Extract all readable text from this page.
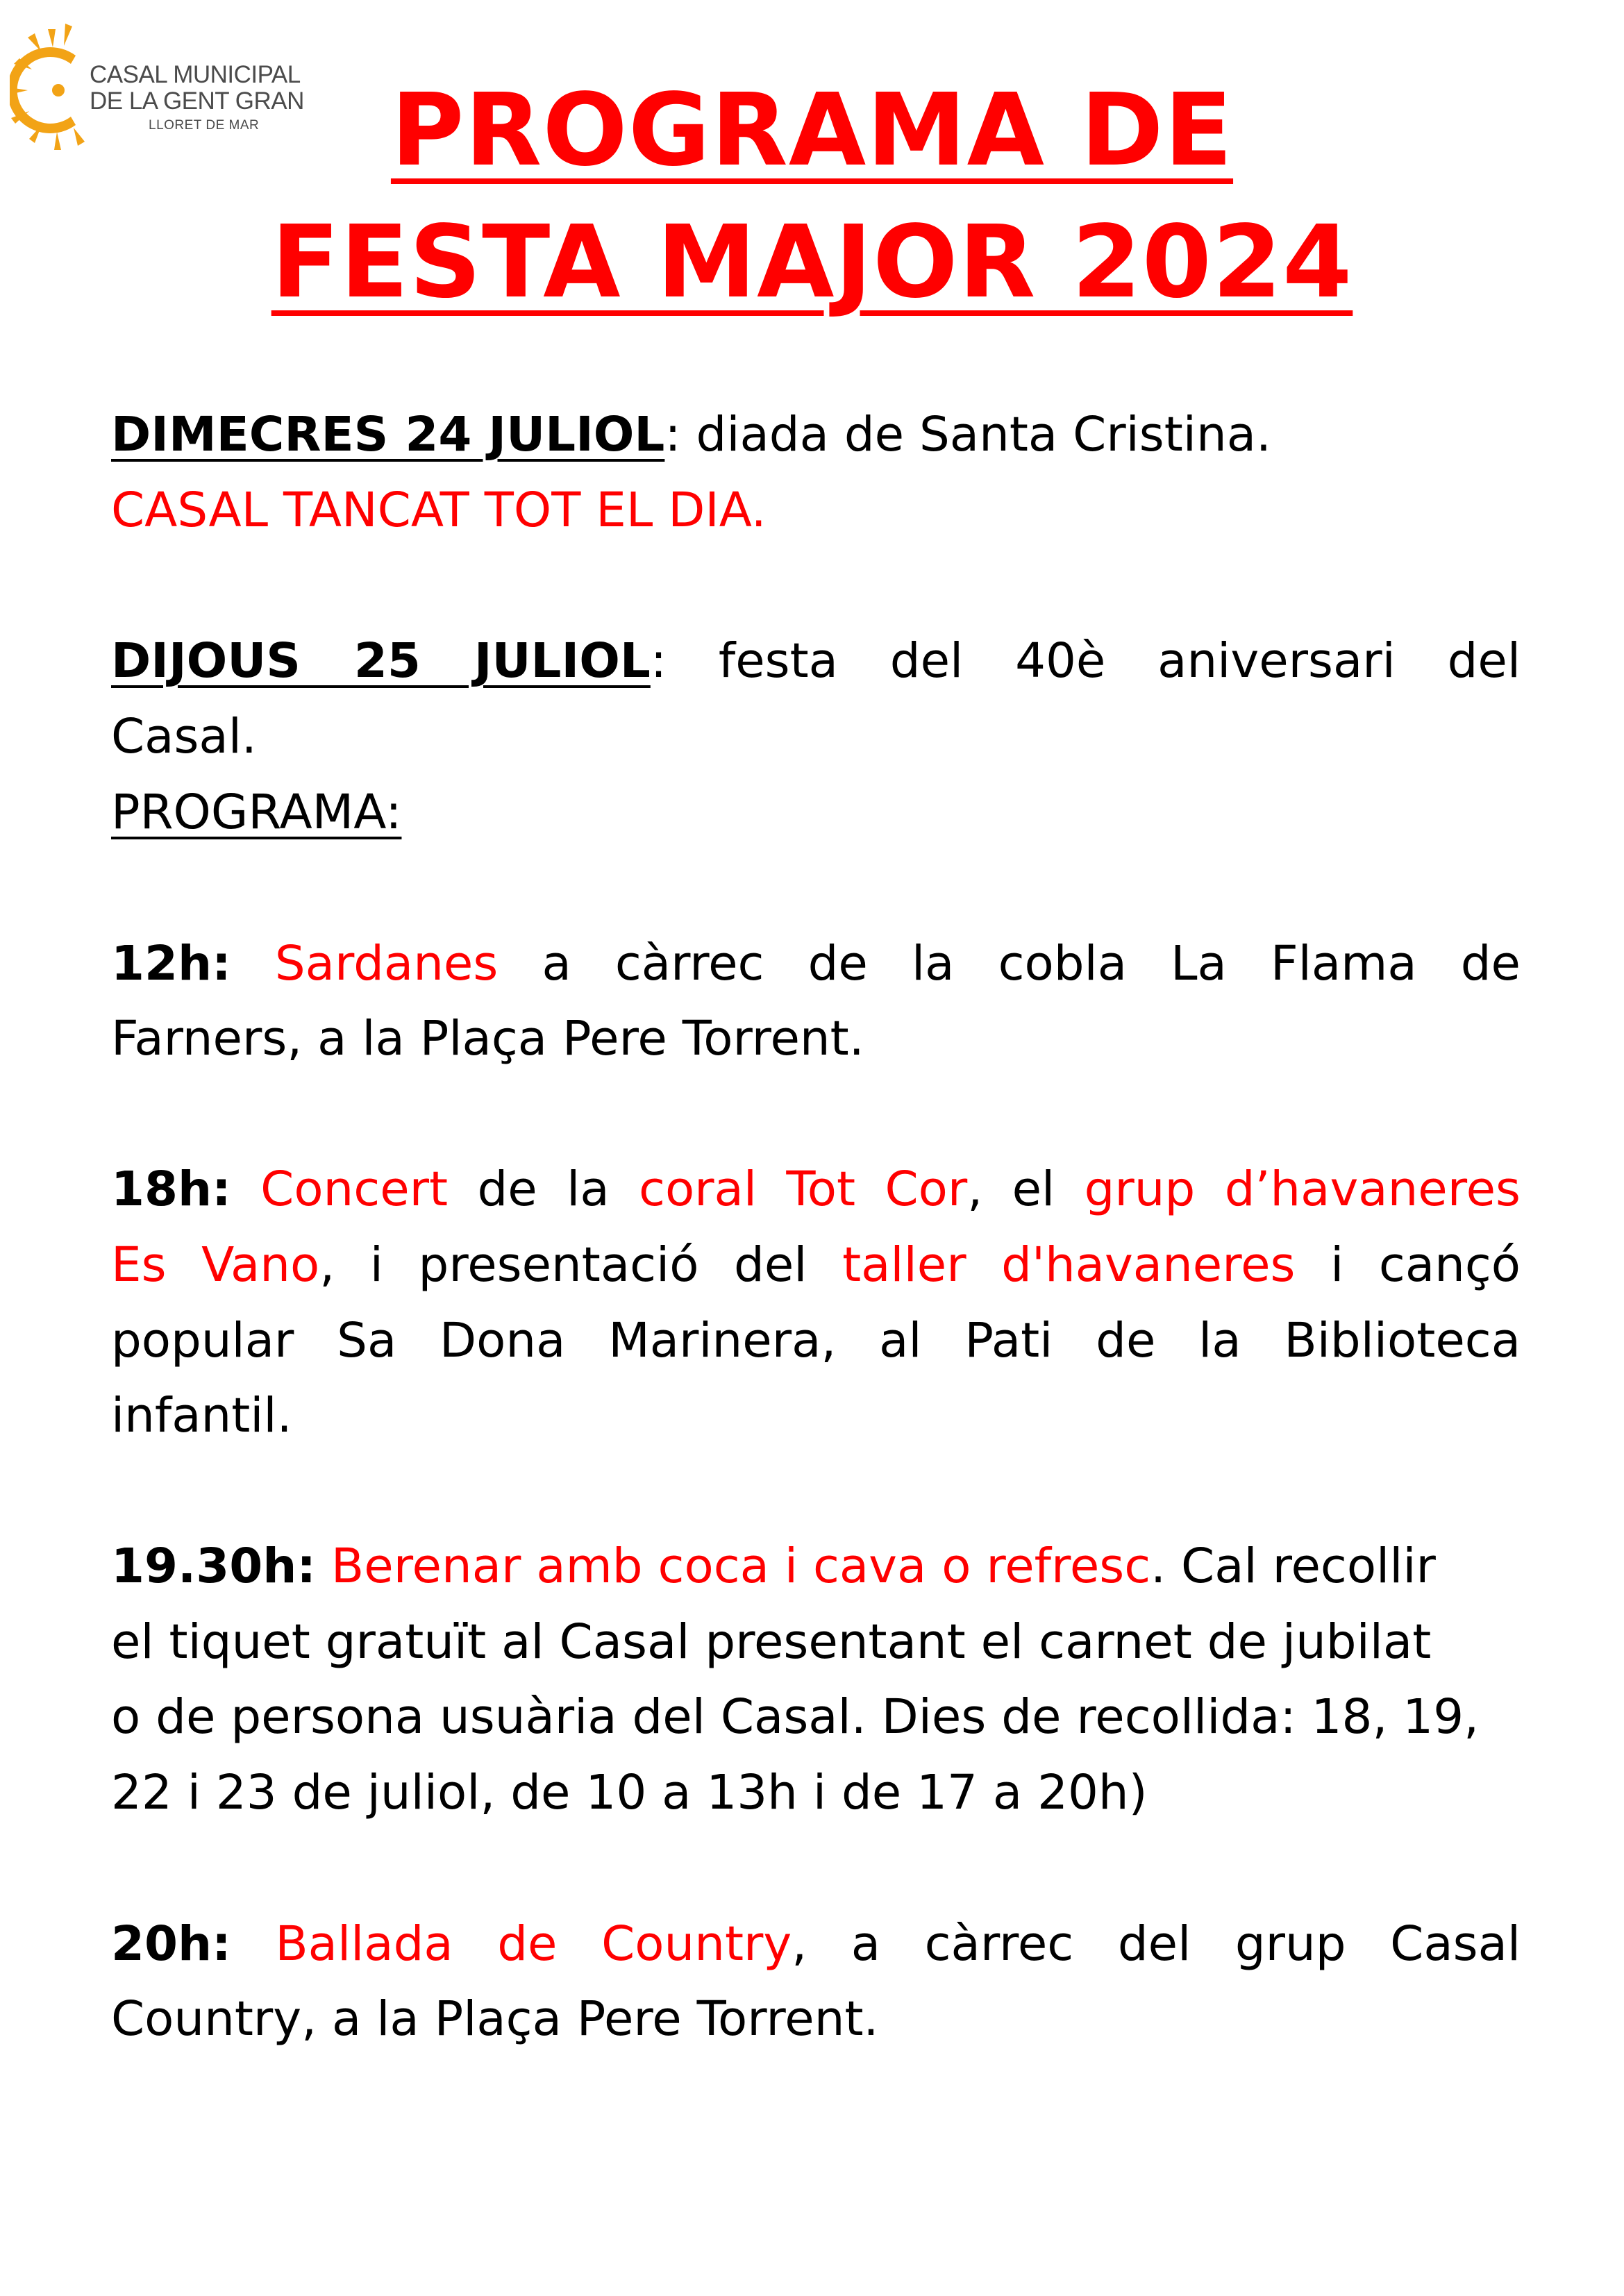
CASAL MUNICIPAL
DE LA GENT GRAN
LLORET DE MAR	PROGRAMA DE
FESTA MAJOR 2024
DIMECRES 24 JULIOL: diada de Santa Cristina.
CASAL TANCAT TOT EL DIA.
DIJOUS 25 JULIOL: festa del 40è aniversari del
Casal.
PROGRAMA:
12h: Sardanes a càrrec de la cobla La Flama de
Farners, a la Plaça Pere Torrent.
18h: Concert de la coral Tot Cor, el grup d’havaneres
Es Vano, i presentació del taller d'havaneres i cançó
popular Sa Dona Marinera, al Pati de la Biblioteca
infantil.
19.30h: Berenar amb coca i cava o refresc. Cal recollir
el tiquet gratuït al Casal presentant el carnet de jubilat
o de persona usuària del Casal. Dies de recollida: 18, 19,
22 i 23 de juliol, de 10 a 13h i de 17 a 20h)
20h: Ballada de Country, a càrrec del grup Casal
Country, a la Plaça Pere Torrent.
